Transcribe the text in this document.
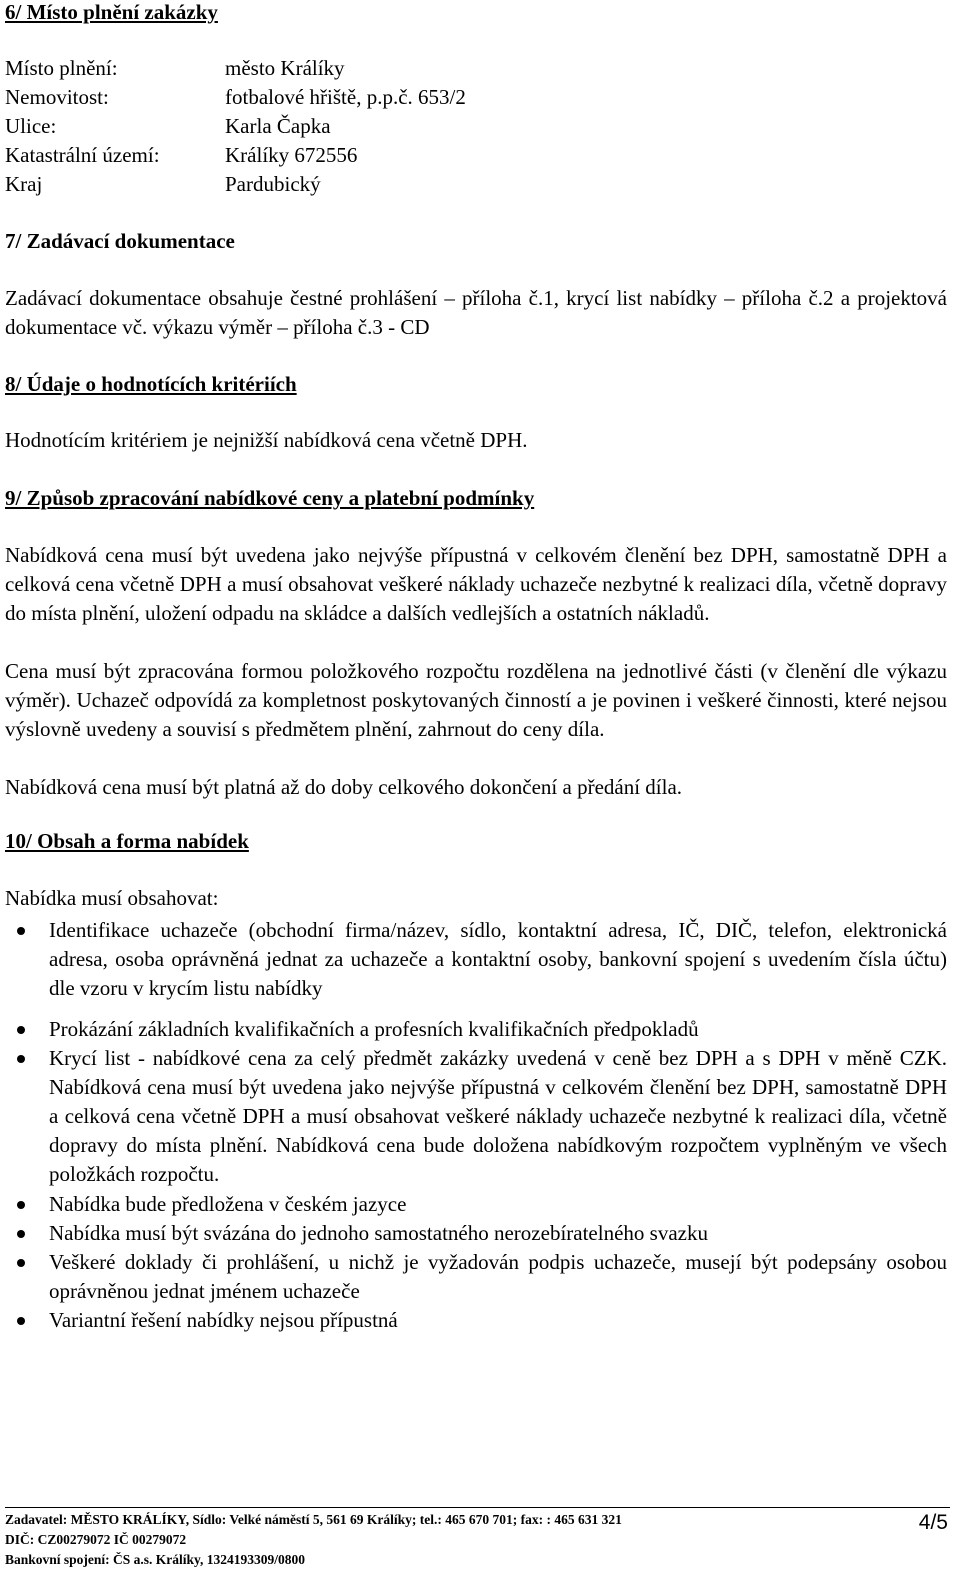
6/ Místo plnění zakázky
Místo plnění:	město Králíky
Nemovitost:	fotbalové hřiště, p.p.č. 653/2
Ulice:	Karla Čapka
Katastrální území:	Králíky 672556
Kraj	Pardubický
7/ Zadávací dokumentace
Zadávací dokumentace obsahuje čestné prohlášení – příloha č.1, krycí list nabídky – příloha č.2 a projektová dokumentace vč. výkazu výměr – příloha č.3 - CD
8/ Údaje o hodnotících kritériích
Hodnotícím kritériem je nejnižší nabídková cena včetně DPH.
9/ Způsob zpracování nabídkové ceny a platební podmínky
Nabídková cena musí být uvedena jako nejvýše přípustná v celkovém členění bez DPH, samostatně DPH a celková cena včetně DPH a musí obsahovat veškeré náklady uchazeče nezbytné k realizaci díla, včetně dopravy do místa plnění, uložení odpadu na skládce a dalších vedlejších a ostatních nákladů.
Cena musí být zpracována formou položkového rozpočtu rozdělena na jednotlivé části (v členění dle výkazu výměr). Uchazeč odpovídá za kompletnost poskytovaných činností a je povinen i veškeré činnosti, které nejsou výslovně uvedeny a souvisí s předmětem plnění, zahrnout do ceny díla.
Nabídková cena musí být platná až do doby celkového dokončení a předání díla.
10/ Obsah a forma nabídek
Nabídka musí obsahovat:
Identifikace uchazeče (obchodní firma/název, sídlo, kontaktní adresa, IČ, DIČ, telefon, elektronická adresa, osoba oprávněná jednat za uchazeče a kontaktní osoby, bankovní spojení s uvedením čísla účtu) dle vzoru v krycím listu nabídky
Prokázání základních kvalifikačních a profesních kvalifikačních předpokladů
Krycí list - nabídkové cena za celý předmět zakázky uvedená v ceně bez DPH a s DPH v měně CZK. Nabídková cena musí být uvedena jako nejvýše přípustná v celkovém členění bez DPH, samostatně DPH a celková cena včetně DPH a musí obsahovat veškeré náklady uchazeče nezbytné k realizaci díla, včetně dopravy do místa plnění. Nabídková cena bude doložena nabídkovým rozpočtem vyplněným ve všech položkách rozpočtu.
Nabídka bude předložena v českém jazyce
Nabídka musí být svázána do jednoho samostatného nerozebíratelného svazku
Veškeré doklady či prohlášení, u nichž je vyžadován podpis uchazeče, musejí být podepsány osobou oprávněnou jednat jménem uchazeče
Variantní řešení nabídky nejsou přípustná
Zadavatel: MĚSTO KRÁLÍKY, Sídlo: Velké náměstí 5, 561 69 Králíky; tel.: 465 670 701; fax: : 465 631 321
DIČ: CZ00279072 IČ 00279072
Bankovní spojení: ČS a.s. Králíky, 1324193309/0800
4/5
